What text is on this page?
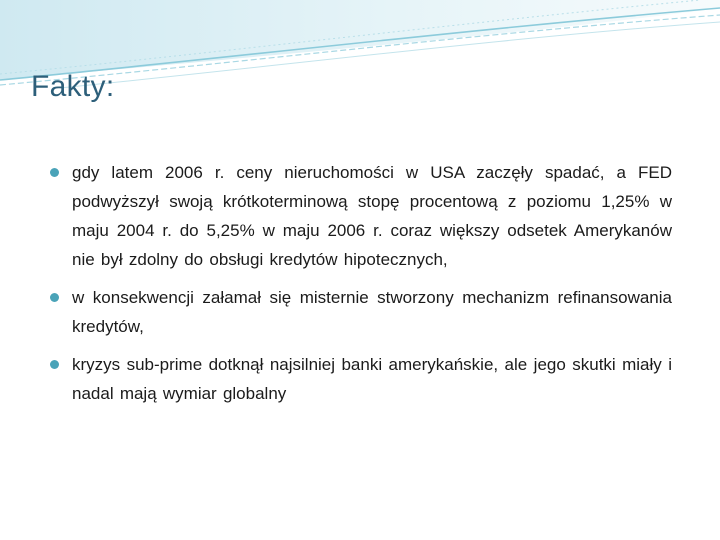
Fakty:
gdy latem 2006 r. ceny nieruchomości w USA zaczęły spadać, a FED podwyższył swoją krótkoterminową stopę procentową z poziomu 1,25% w maju 2004 r. do 5,25% w maju 2006 r. coraz większy odsetek Amerykanów nie był zdolny do obsługi kredytów hipotecznych,
w konsekwencji załamał się misternie stworzony mechanizm refinansowania kredytów,
kryzys sub-prime dotknął najsilniej banki amerykańskie, ale jego skutki miały i nadal mają wymiar globalny
